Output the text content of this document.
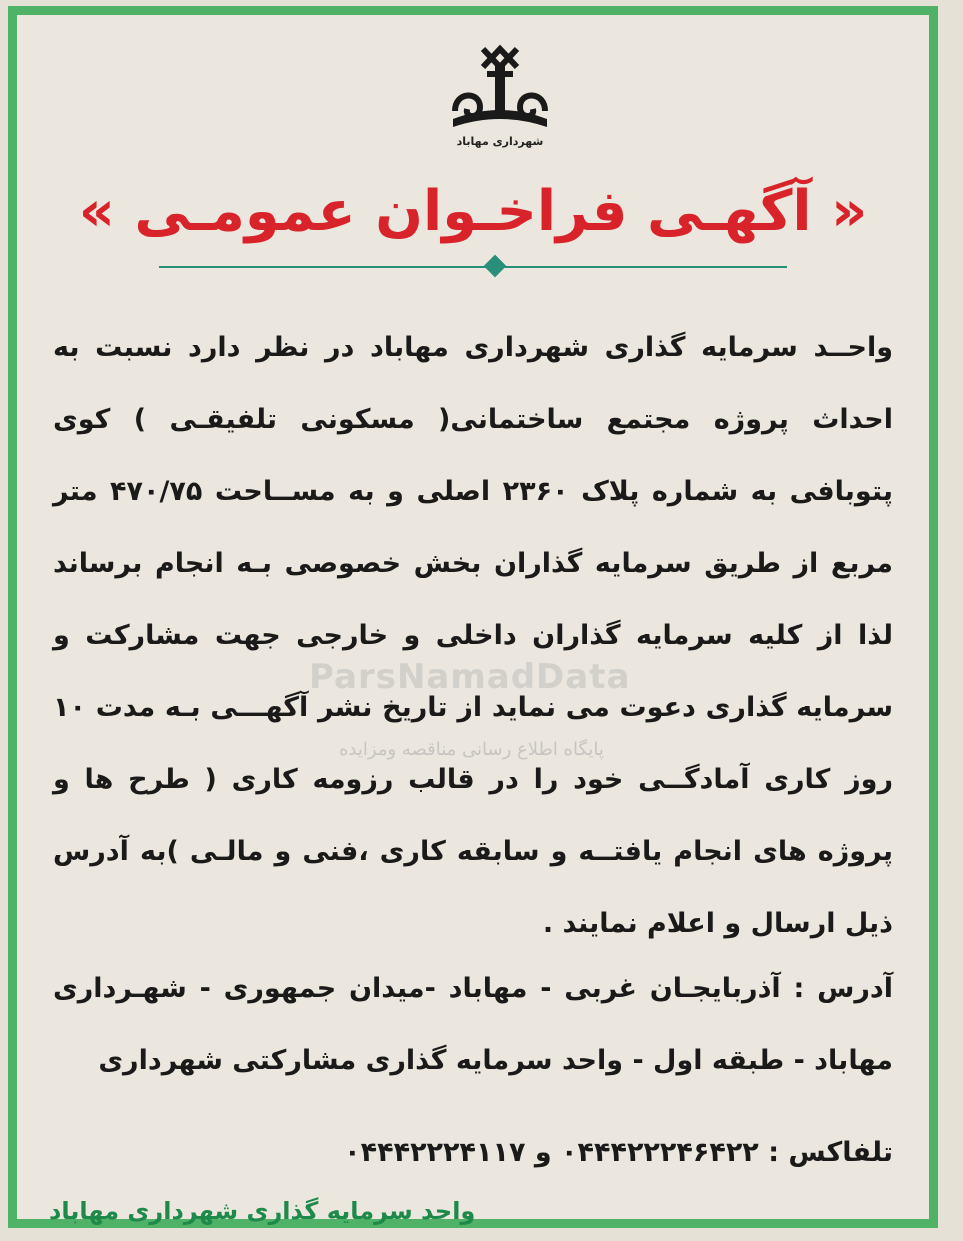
شهرداری مهاباد
« آگهـی فراخـوان عمومـی »
ParsNamadData
پایگاه اطلاع رسانی مناقصه ومزایده
واحــد سرمایه گذاری شهرداری مهاباد در نظر دارد نسبت به احداث پروژه مجتمع ساختمانی( مسکونی تلفیقـی ) کوی پتوبافی به شماره پلاک ۲۳۶۰ اصلی و به مســاحت ۴۷۰/۷۵ متر مربع از طریق سرمایه گذاران بخش خصوصی بـه انجام برساند لذا از کلیه سرمایه گذاران داخلی و خارجی جهت مشارکت و سرمایه گذاری دعوت می نماید از تاریخ نشر آگهـــی بـه مدت ۱۰ روز کاری آمادگــی خود را در قالب رزومه کاری ( طرح ها و پروژه های انجام یافتــه و سابقه کاری ،فنی و مالـی )به آدرس ذیل ارسال و اعلام نمایند .
آدرس : آذربایجـان غربی - مهاباد -میدان جمهوری - شهـرداری مهاباد - طبقه اول - واحد سرمایه گذاری مشارکتی شهرداری
تلفاکس : ۰۴۴۴۲۲۲۴۶۴۲۲ و ۰۴۴۴۲۲۲۴۱۱۷
واحد سرمایه گذاری شهرداری مهاباد
